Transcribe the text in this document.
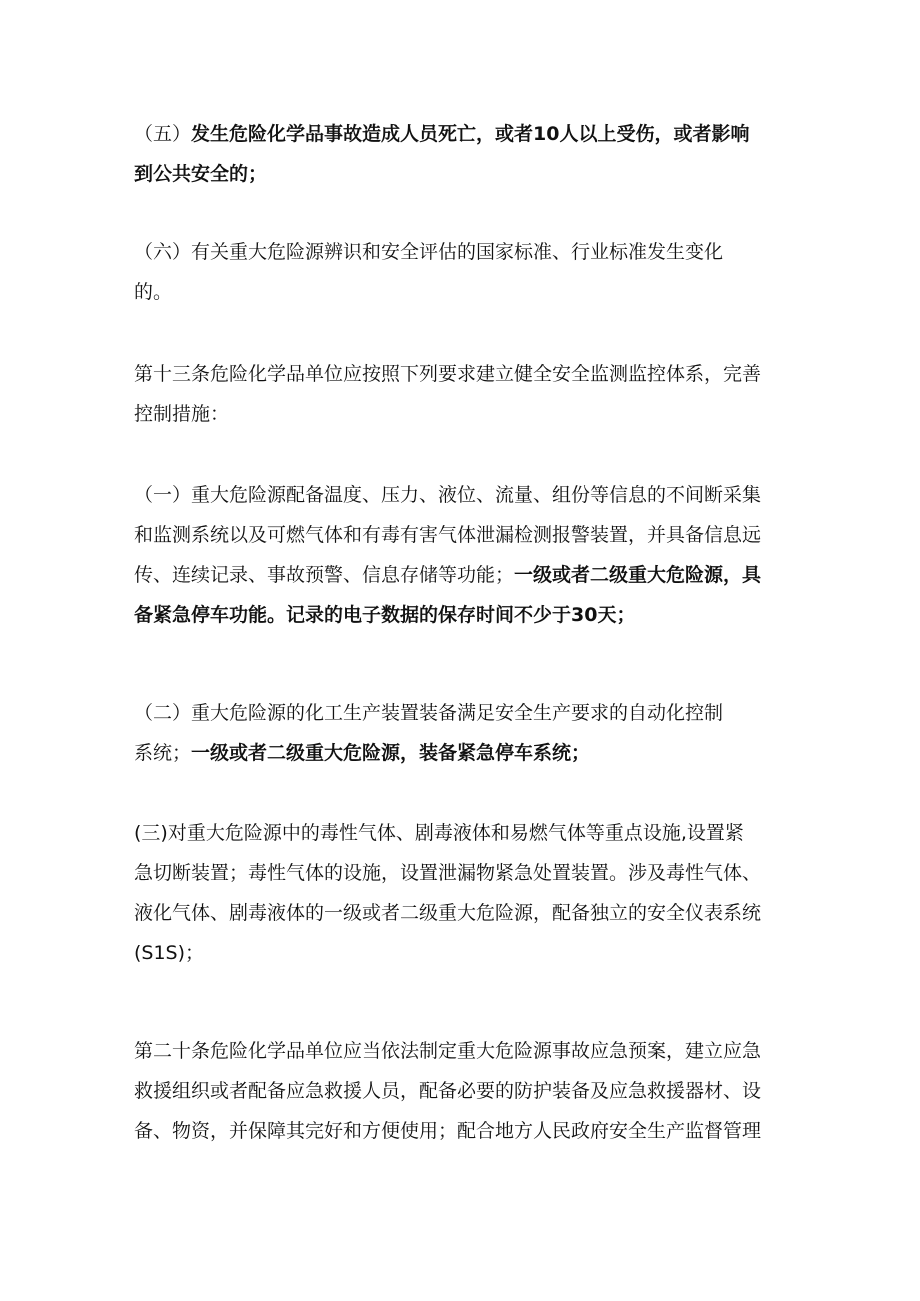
（五）发生危险化学品事故造成人员死亡，或者10人以上受伤，或者影响
到公共安全的；
（六）有关重大危险源辨识和安全评估的国家标准、行业标准发生变化
的。
第十三条危险化学品单位应按照下列要求建立健全安全监测监控体系，完善
控制措施：
（一）重大危险源配备温度、压力、液位、流量、组份等信息的不间断采集
和监测系统以及可燃气体和有毒有害气体泄漏检测报警装置，并具备信息远
传、连续记录、事故预警、信息存储等功能；一级或者二级重大危险源，具
备紧急停车功能。记录的电子数据的保存时间不少于30天；
（二）重大危险源的化工生产装置装备满足安全生产要求的自动化控制
系统；一级或者二级重大危险源，装备紧急停车系统；
(三)对重大危险源中的毒性气体、剧毒液体和易燃气体等重点设施,设置紧
急切断装置；毒性气体的设施，设置泄漏物紧急处置装置。涉及毒性气体、
液化气体、剧毒液体的一级或者二级重大危险源，配备独立的安全仪表系统
(S1S)；
第二十条危险化学品单位应当依法制定重大危险源事故应急预案，建立应急
救援组织或者配备应急救援人员，配备必要的防护装备及应急救援器材、设
备、物资，并保障其完好和方便使用；配合地方人民政府安全生产监督管理
